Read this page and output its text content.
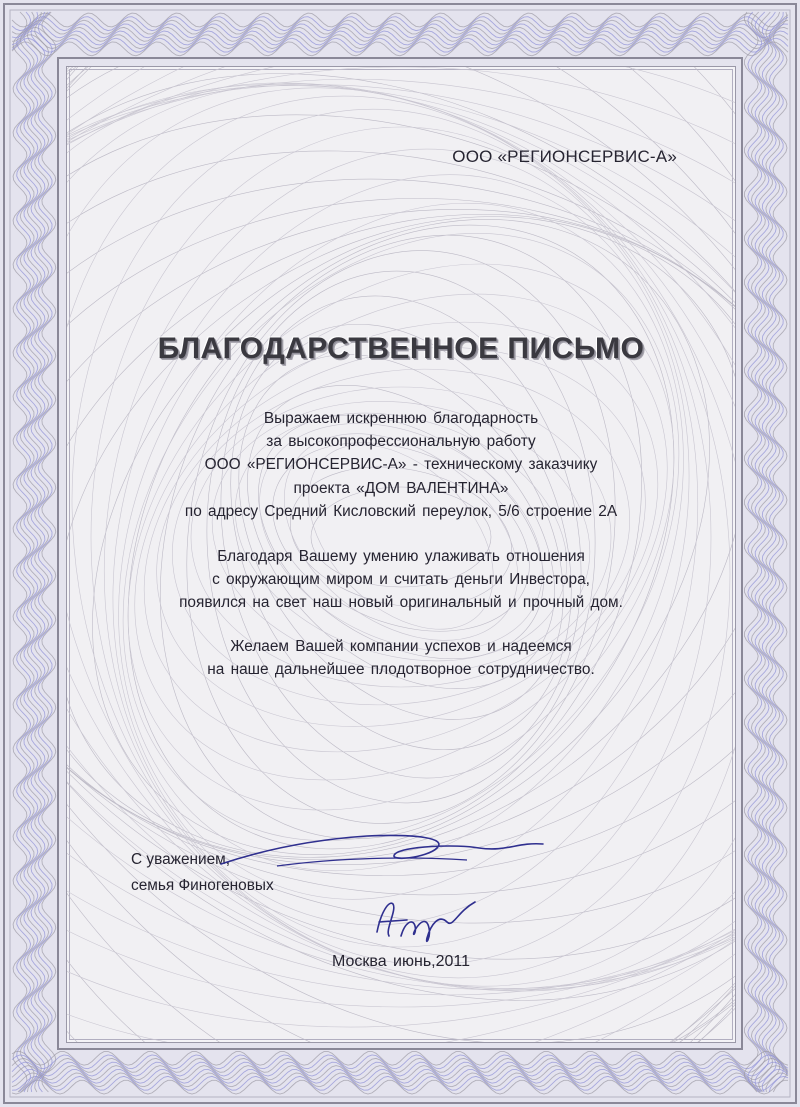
ООО «РЕГИОНСЕРВИС-А»
БЛАГОДАРСТВЕННОЕ ПИСЬМО
Выражаем искреннюю благодарность
за высокопрофессиональную работу
ООО «РЕГИОНСЕРВИС-А» - техническому заказчику
проекта «ДОМ ВАЛЕНТИНА»
по адресу Средний Кисловский переулок, 5/6 строение 2А
Благодаря Вашему умению улаживать отношения
с окружающим миром и считать деньги Инвестора,
появился на свет наш новый оригинальный и прочный дом.
Желаем Вашей компании успехов и надеемся
на наше дальнейшее плодотворное сотрудничество.
С уважением,
семья Финогеновых
Москва июнь,2011
